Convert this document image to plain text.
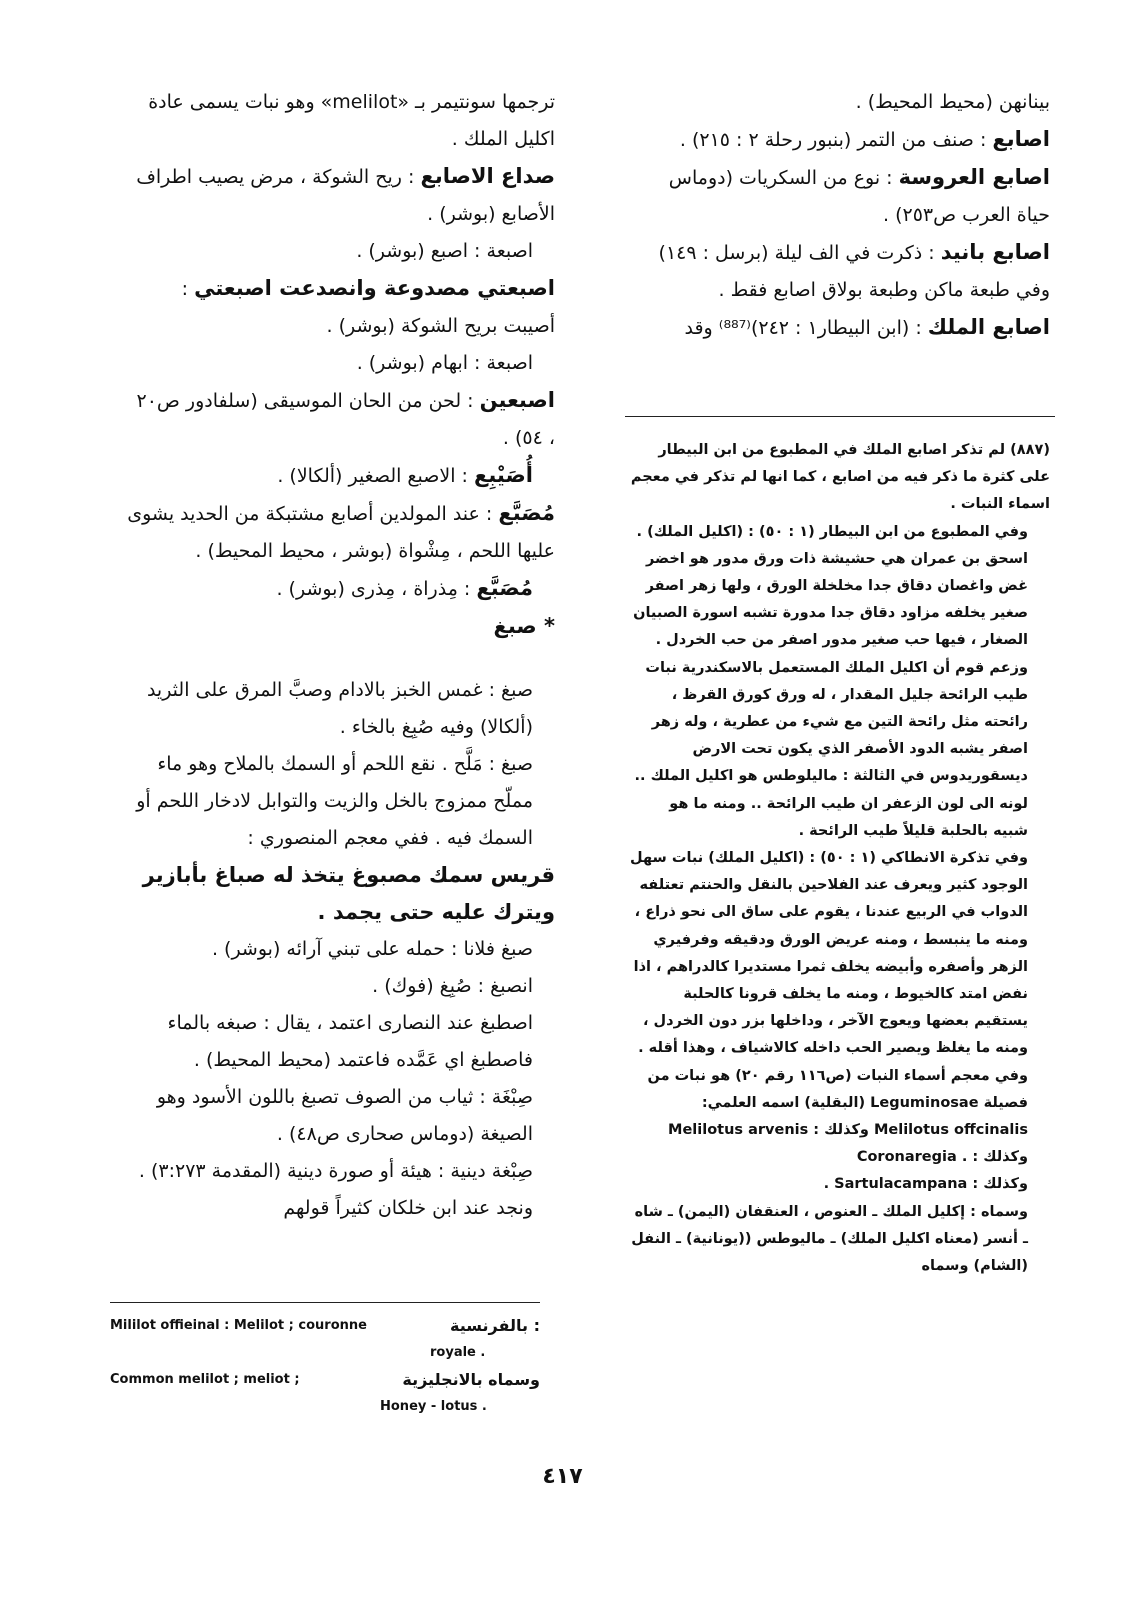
بينانهن (محيط المحيط) .

اصابع : صنف من التمر (بنبور رحلة ٢ : ٢١٥) .

اصابع العروسة : نوع من السكريات (دوماس حياة العرب ص٢٥٣) .

اصابع بانيد : ذكرت في الف ليلة (برسل : ١٤٩) وفي طبعة ماكن وطبعة بولاق اصابع فقط .

اصابع الملك : (ابن البيطار١ : ٢٤٢)⁽⁸⁸⁷⁾ وقد

(٨٨٧) لم تذكر اصابع الملك في المطبوع من ابن البيطار على كثرة ما ذكر فيه من اصابع ، كما انها لم تذكر في معجم اسماء النبات .

وفي المطبوع من ابن البيطار (١ : ٥٠) : (اكليل الملك) . اسحق بن عمران هي حشيشة ذات ورق مدور هو اخضر غض واغصان دقاق جدا مخلخلة الورق ، ولها زهر اصفر صغير يخلفه مزاود دقاق جدا مدورة تشبه اسورة الصبيان الصغار ، فيها حب صغير مدور اصفر من حب الخردل .

وزعم قوم أن اكليل الملك المستعمل بالاسكندرية نبات طيب الرائحة جليل المقدار ، له ورق كورق القرظ ، رائحته مثل رائحة التين مع شيء من عطرية ، وله زهر اصفر يشبه الدود الأصفر الذي يكون تحت الارض ديسقوريدوس في الثالثة : ماليلوطس هو اكليل الملك .. لونه الى لون الزعفر ان طيب الرائحة .. ومنه ما هو شبيه بالحلبة قليلاً طيب الرائحة .

وفي تذكرة الانطاكي (١ : ٥٠) : (اكليل الملك) نبات سهل الوجود كثير ويعرف عند الفلاحين بالنقل والحنتم تعتلفه الدواب في الربيع عندنا ، يقوم على ساق الى نحو ذراع ، ومنه ما ينبسط ، ومنه عريض الورق ودقيقه وفرفيري الزهر وأصفره وأبيضه يخلف ثمرا مستديرا كالدراهم ، اذا نفض امتد كالخيوط ، ومنه ما يخلف قرونا كالحلبة يستقيم بعضها ويعوج الآخر ، وداخلها بزر دون الخردل ، ومنه ما يغلظ ويصير الحب داخله كالاشياف ، وهذا أقله .

وفي معجم أسماء النبات (ص١١٦ رقم ٢٠) هو نبات من فصيلة Leguminosae (البقلية) اسمه العلمي: Melilotus offcinalis وكذلك : Melilotus arvenis وكذلك : . Coronaregia

وكذلك : Sartulacampana .

وسماه : إكليل الملك ـ العنوص ، العنقفان (اليمن) ـ شاه ـ أنسر (معناه اكليل الملك) ـ ماليوطس ((يونانية) ـ النفل (الشام) وسماه

ترجمها سونتيمر بـ «melilot» وهو نبات يسمى عادة اكليل الملك .

صداع الاصابع : ريح الشوكة ، مرض يصيب اطراف الأصابع (بوشر) .

اصبعة : اصبع (بوشر) .

اصبعتي مصدوعة وانصدعت اصبعتي : أصيبت بريح الشوكة (بوشر) .

اصبعة : ابهام (بوشر) .

اصبعين : لحن من الحان الموسيقى (سلفادور ص٢٠ ، ٥٤) .

أُصَيْبِع : الاصبع الصغير (ألكالا) .

مُصَبَّع : عند المولدين أصابع مشتبكة من الحديد يشوى عليها اللحم ، مِشْواة (بوشر ، محيط المحيط) .

مُصَبَّع : مِذراة ، مِذرى (بوشر) .

* صبغ

صبغ : غمس الخبز بالادام وصبَّ المرق على الثريد (ألكالا) وفيه صُبِغ بالخاء .

صبغ : مَلَّح . نقع اللحم أو السمك بالملاح وهو ماء مملّح ممزوج بالخل والزيت والتوابل لادخار اللحم أو السمك فيه . ففي معجم المنصوري :

قريس سمك مصبوغ يتخذ له صباغ بأبازير ويترك عليه حتى يجمد .

صبغ فلانا : حمله على تبني آرائه (بوشر) .

انصبغ : صُبِغ (فوك) .

اصطبغ عند النصارى اعتمد ، يقال : صبغه بالماء فاصطبغ اي عَمَّده فاعتمد (محيط المحيط) .

صِبْغَة : ثياب من الصوف تصبغ باللون الأسود وهو الصيغة (دوماس صحارى ص٤٨) .

صِبْغة دينية : هيئة أو صورة دينية (المقدمة ٣:٢٧٣) . ونجد عند ابن خلكان كثيراً قولهم

Mililot offieinal : Melilot ; couronne	: بالفرنسية
royale .
Common melilot ; meliot ;	وسماه بالانجليزية
Honey - lotus .
٤١٧
